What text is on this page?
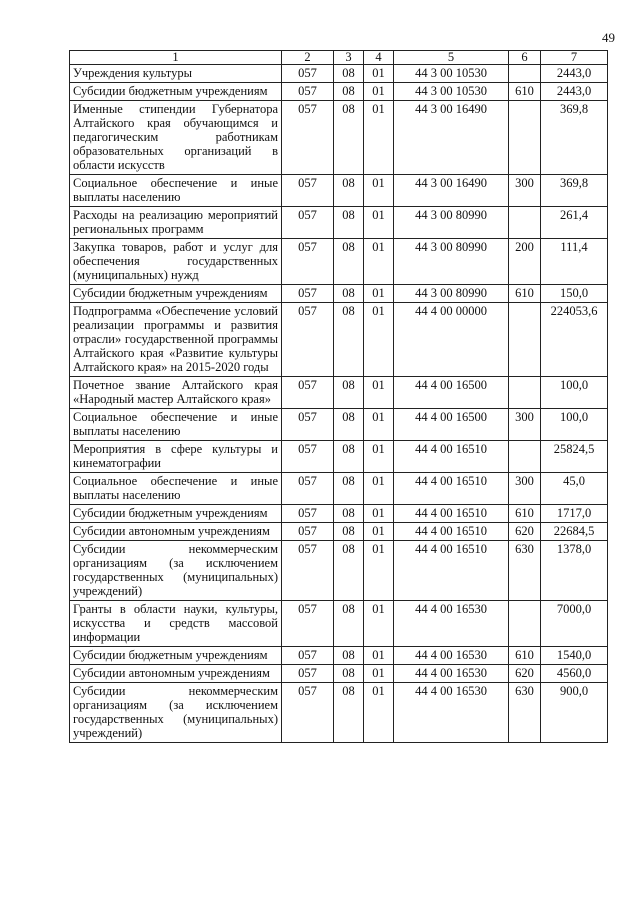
49
1	2	3	4	5	6	7
Учреждения культуры	057	08	01	44 3 00 10530		2443,0
Субсидии бюджетным учреждениям	057	08	01	44 3 00 10530	610	2443,0
Именные стипендии Губернатора Алтайского края обучающимся и педагогическим работникам образовательных организаций в области искусств	057	08	01	44 3 00 16490		369,8
Социальное обеспечение и иные выплаты населению	057	08	01	44 3 00 16490	300	369,8
Расходы на реализацию мероприятий региональных программ	057	08	01	44 3 00 80990		261,4
Закупка товаров, работ и услуг для обеспечения государственных (муниципальных) нужд	057	08	01	44 3 00 80990	200	111,4
Субсидии бюджетным учреждениям	057	08	01	44 3 00 80990	610	150,0
Подпрограмма «Обеспечение условий реализации программы и развития отрасли» государственной программы Алтайского края «Развитие культуры Алтайского края» на 2015-2020 годы	057	08	01	44 4 00 00000		224053,6
Почетное звание Алтайского края «Народный мастер Алтайского края»	057	08	01	44 4 00 16500		100,0
Социальное обеспечение и иные выплаты населению	057	08	01	44 4 00 16500	300	100,0
Мероприятия в сфере культуры и кинематографии	057	08	01	44 4 00 16510		25824,5
Социальное обеспечение и иные выплаты населению	057	08	01	44 4 00 16510	300	45,0
Субсидии бюджетным учреждениям	057	08	01	44 4 00 16510	610	1717,0
Субсидии автономным учреждениям	057	08	01	44 4 00 16510	620	22684,5
Субсидии некоммерческим организациям (за исключением государственных (муниципальных) учреждений)	057	08	01	44 4 00 16510	630	1378,0
Гранты в области науки, культуры, искусства и средств массовой информации	057	08	01	44 4 00 16530		7000,0
Субсидии бюджетным учреждениям	057	08	01	44 4 00 16530	610	1540,0
Субсидии автономным учреждениям	057	08	01	44 4 00 16530	620	4560,0
Субсидии некоммерческим организациям (за исключением государственных (муниципальных) учреждений)	057	08	01	44 4 00 16530	630	900,0
